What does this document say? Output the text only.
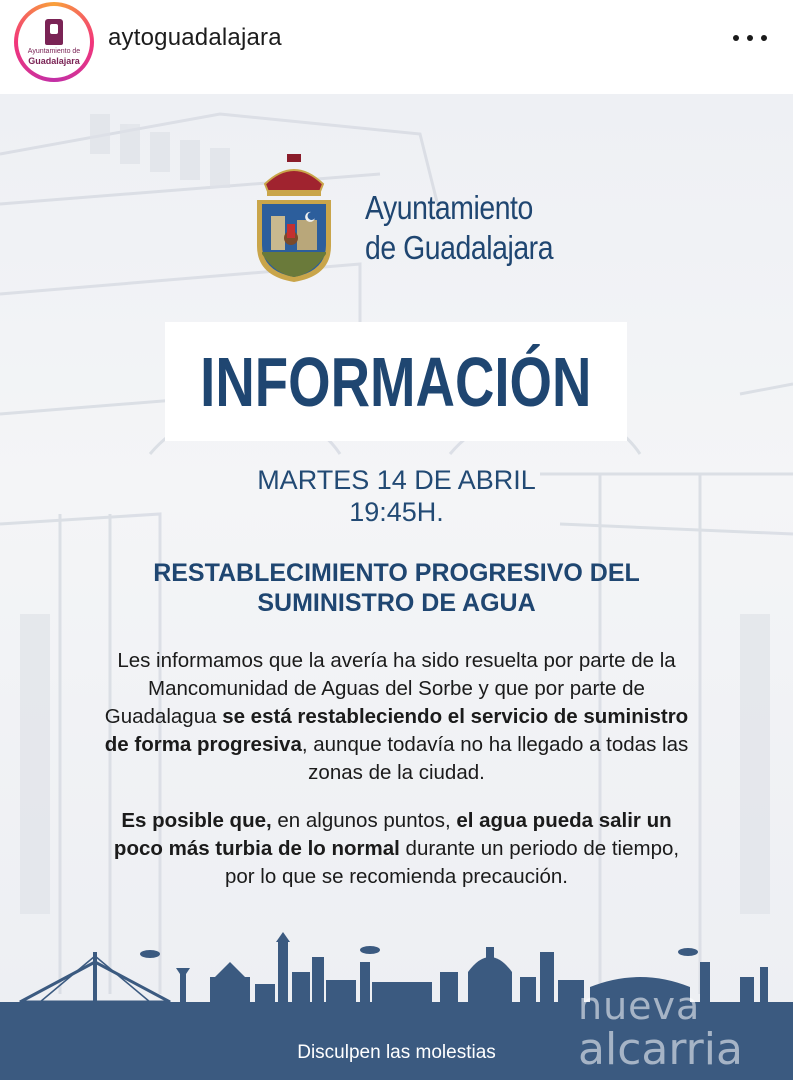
Ayuntamiento de
Guadalajara
aytoguadalajara
Ayuntamiento
de Guadalajara
INFORMACIÓN
MARTES 14 DE ABRIL
19:45H.
RESTABLECIMIENTO PROGRESIVO DEL
SUMINISTRO DE AGUA
Les informamos que la avería ha sido resuelta por parte de la Mancomunidad de Aguas del Sorbe y que por parte de Guadalagua se está restableciendo el servicio de suministro de forma progresiva, aunque todavía no ha llegado a todas las zonas de la ciudad.
Es posible que, en algunos puntos, el agua pueda salir un poco más turbia de lo normal durante un periodo de tiempo, por lo que se recomienda precaución.
Disculpen las molestias
nueva
alcarria
